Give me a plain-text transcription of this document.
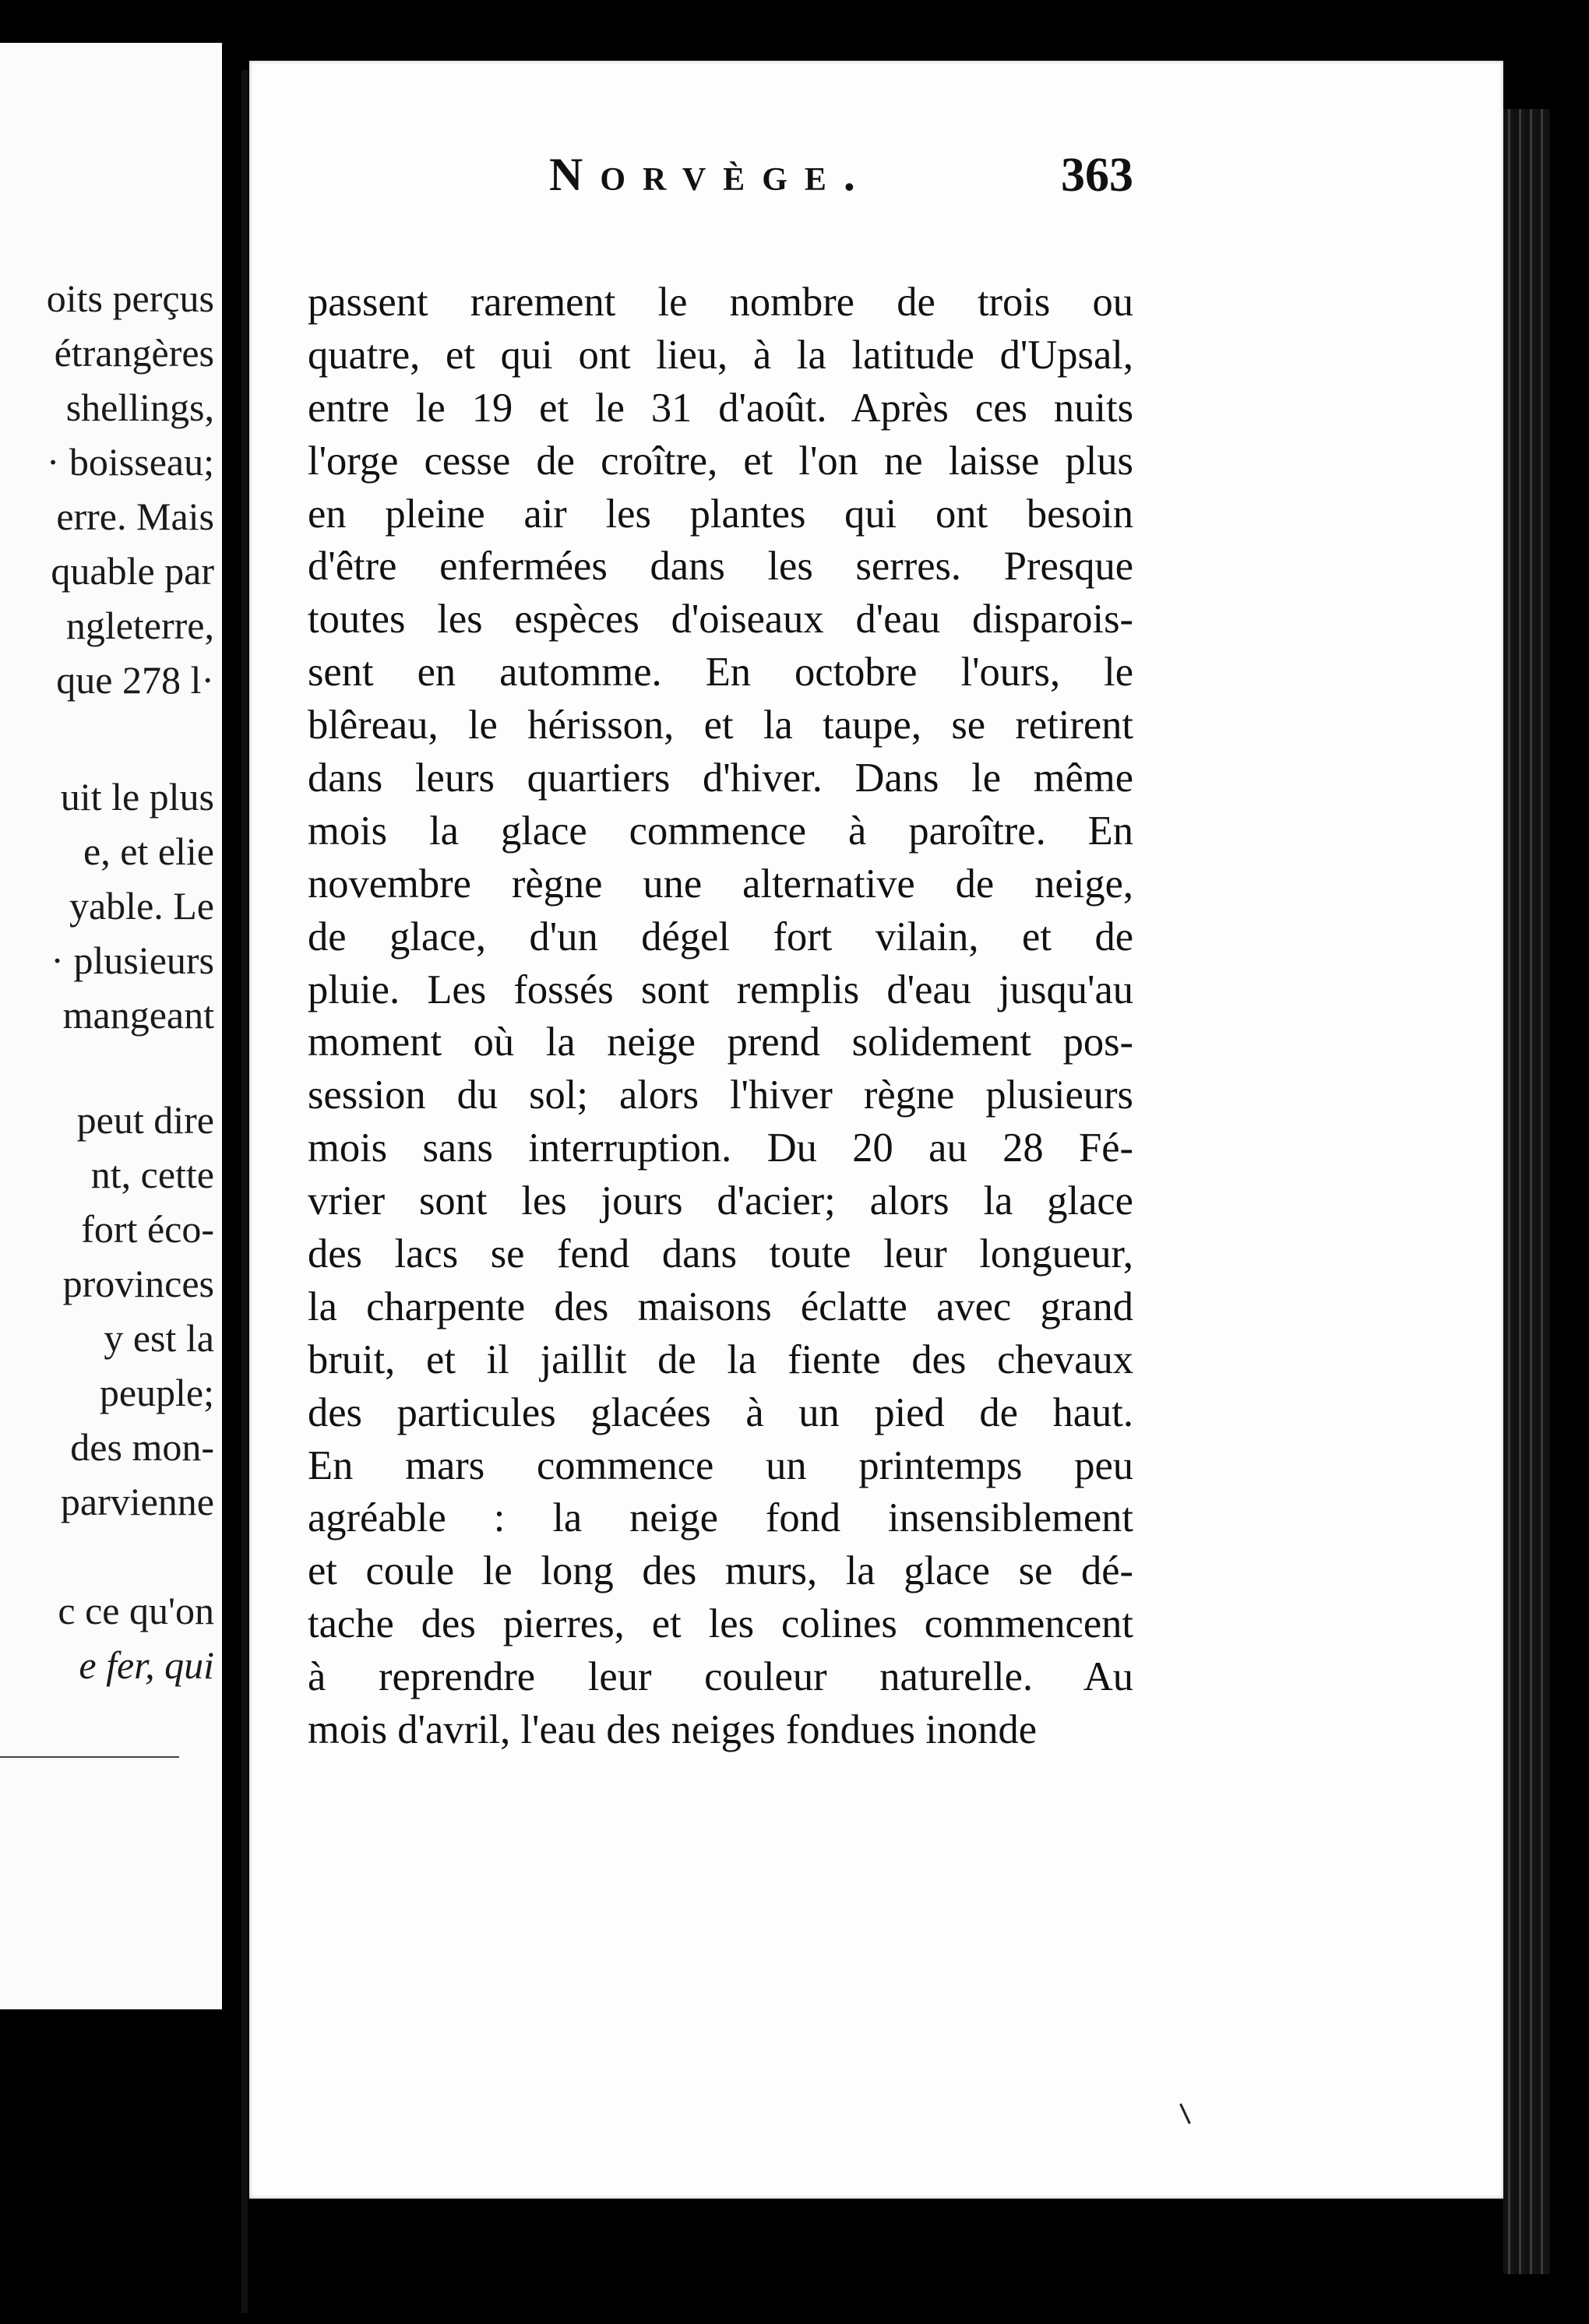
oits perçus
étrangères
shellings,
· boisseau;
erre. Mais
quable par
ngleterre,
que 278 l·
uit le plus
e, et elie
yable. Le
· plusieurs
mangeant
peut dire
nt, cette
fort éco-
provinces
y est la
peuple;
des mon-
parvienne
c ce qu'on
e fer, qui
Norvège.	363
passent rarement le nombre de trois ou
quatre, et qui ont lieu, à la latitude d'Upsal,
entre le 19 et le 31 d'août. Après ces nuits
l'orge cesse de croître, et l'on ne laisse plus
en pleine air les plantes qui ont besoin
d'être enfermées dans les serres. Presque
toutes les espèces d'oiseaux d'eau disparois-
sent en automme. En octobre l'ours, le
blêreau, le hérisson, et la taupe, se retirent
dans leurs quartiers d'hiver. Dans le même
mois la glace commence à paroître. En
novembre règne une alternative de neige,
de glace, d'un dégel fort vilain, et de
pluie. Les fossés sont remplis d'eau jusqu'au
moment où la neige prend solidement pos-
session du sol; alors l'hiver règne plusieurs
mois sans interruption. Du 20 au 28 Fé-
vrier sont les jours d'acier; alors la glace
des lacs se fend dans toute leur longueur,
la charpente des maisons éclatte avec grand
bruit, et il jaillit de la fiente des chevaux
des particules glacées à un pied de haut.
En mars commence un printemps peu
agréable : la neige fond insensiblement
et coule le long des murs, la glace se dé-
tache des pierres, et les colines commencent
à reprendre leur couleur naturelle. Au
mois d'avril, l'eau des neiges fondues inonde
